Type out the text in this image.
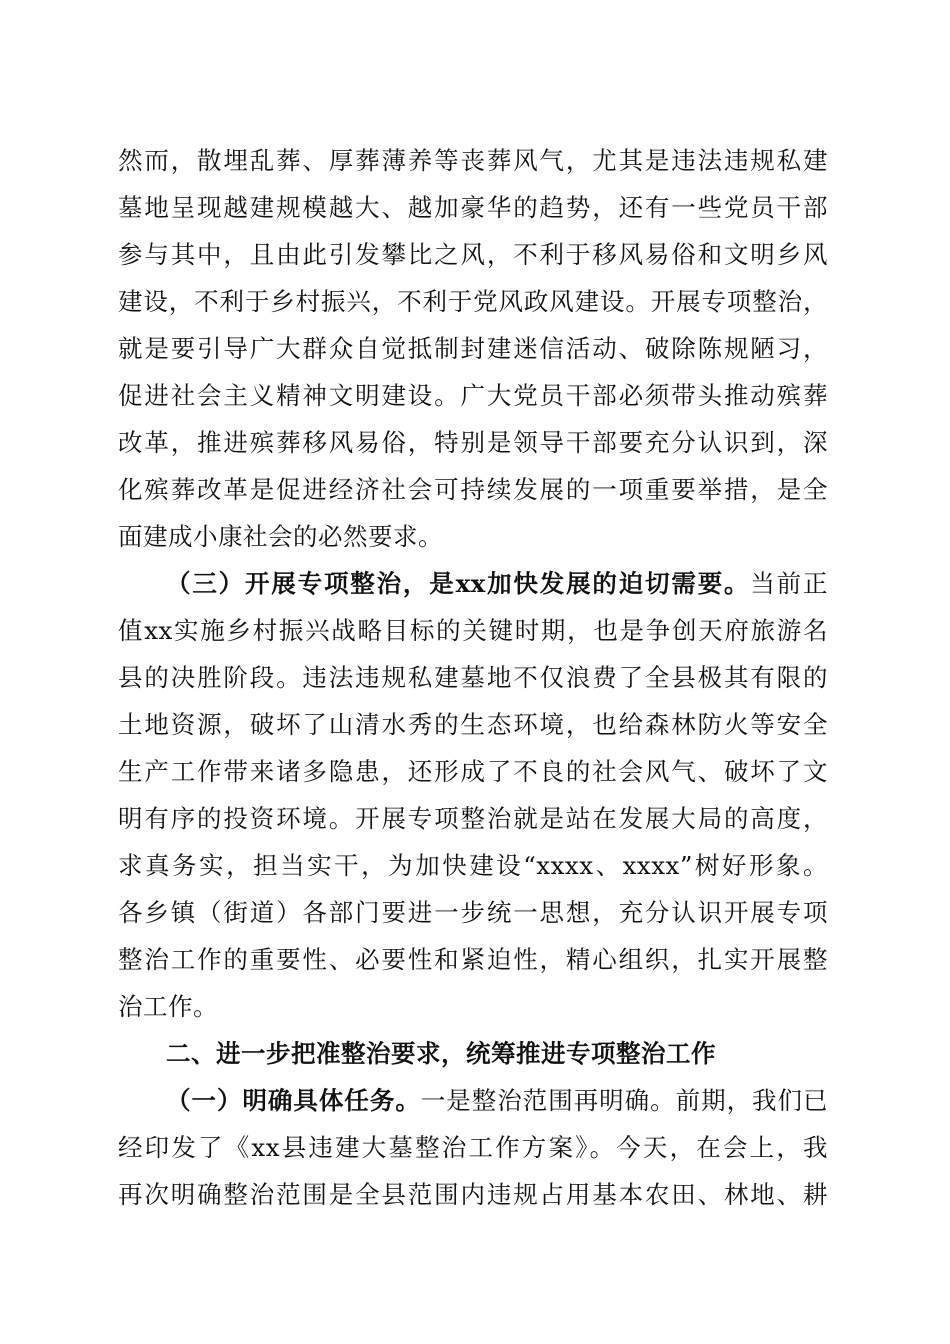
然而，散埋乱葬、厚葬薄养等丧葬风气，尤其是违法违规私建
墓地呈现越建规模越大、越加豪华的趋势，还有一些党员干部
参与其中，且由此引发攀比之风，不利于移风易俗和文明乡风
建设，不利于乡村振兴，不利于党风政风建设。开展专项整治，
就是要引导广大群众自觉抵制封建迷信活动、破除陈规陋习，
促进社会主义精神文明建设。广大党员干部必须带头推动殡葬
改革，推进殡葬移风易俗，特别是领导干部要充分认识到，深
化殡葬改革是促进经济社会可持续发展的一项重要举措，是全
面建成小康社会的必然要求。
（三）开展专项整治，是xx加快发展的迫切需要。当前正
值xx实施乡村振兴战略目标的关键时期，也是争创天府旅游名
县的决胜阶段。违法违规私建墓地不仅浪费了全县极其有限的
土地资源，破坏了山清水秀的生态环境，也给森林防火等安全
生产工作带来诸多隐患，还形成了不良的社会风气、破坏了文
明有序的投资环境。开展专项整治就是站在发展大局的高度，
求真务实，担当实干，为加快建设“xxxx、xxxx”树好形象。
各乡镇（街道）各部门要进一步统一思想，充分认识开展专项
整治工作的重要性、必要性和紧迫性，精心组织，扎实开展整
治工作。
二、进一步把准整治要求，统筹推进专项整治工作
（一）明确具体任务。一是整治范围再明确。前期，我们已
经印发了《xx县违建大墓整治工作方案》。今天，在会上，我
再次明确整治范围是全县范围内违规占用基本农田、林地、耕
